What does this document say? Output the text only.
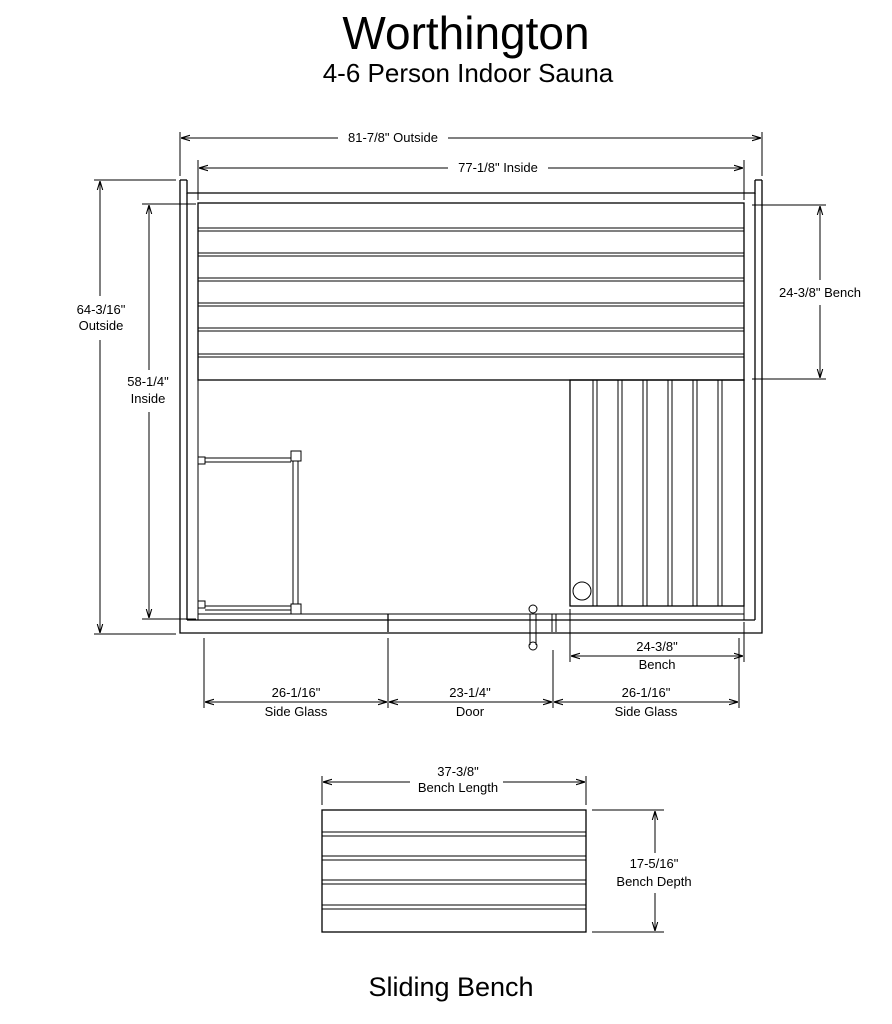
Worthington
4-6 Person Indoor Sauna
81-7/8" Outside
77-1/8" Inside
64-3/16"
Outside
58-1/4"
Inside
24-3/8" Bench
24-3/8"
Bench
26-1/16"
Side Glass
23-1/4"
Door
26-1/16"
Side Glass
37-3/8"
Bench Length
17-5/16"
Bench Depth
Sliding Bench
